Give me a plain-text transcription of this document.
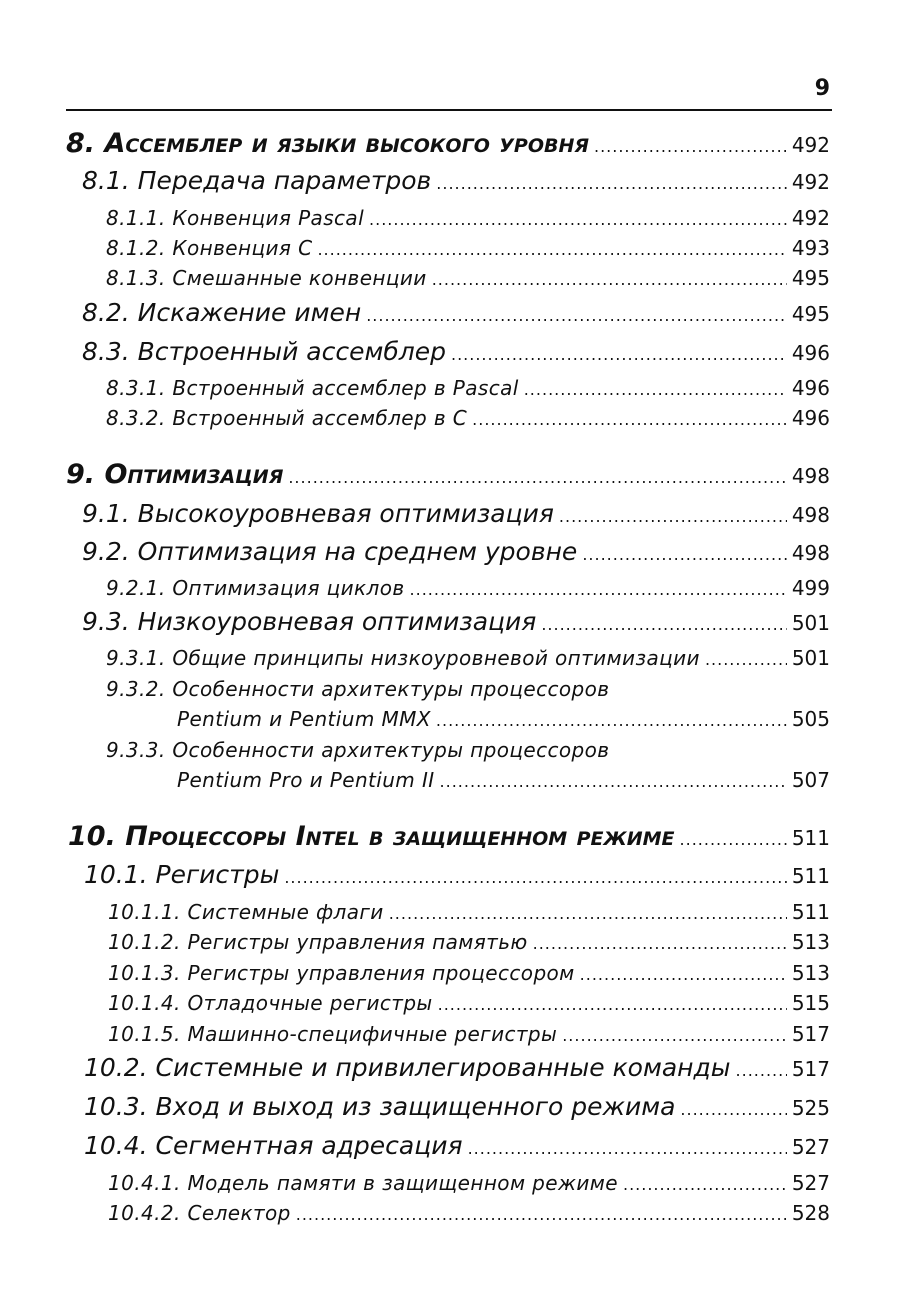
9
8. Ассемблер и языки высокого уровня .....	492
8.1. Передача параметров .....	492
8.1.1. Конвенция Pascal .....	492
8.1.2. Конвенция C .....	493
8.1.3. Смешанные конвенции .....	495
8.2. Искажение имен .....	495
8.3. Встроенный ассемблер .....	496
8.3.1. Встроенный ассемблер в Pascal .....	496
8.3.2. Встроенный ассемблер в C .....	496
9. Оптимизация .....	498
9.1. Высокоуровневая оптимизация .....	498
9.2. Оптимизация на среднем уровне .....	498
9.2.1. Оптимизация циклов .....	499
9.3. Низкоуровневая оптимизация .....	501
9.3.1. Общие принципы низкоуровневой оптимизации .....	501
9.3.2. Особенности архитектуры процессоров
Pentium и Pentium MMX .....	505
9.3.3. Особенности архитектуры процессоров
Pentium Pro и Pentium II .....	507
10. Процессоры Intel в защищенном режиме .....	511
10.1. Регистры .....	511
10.1.1. Системные флаги .....	511
10.1.2. Регистры управления памятью .....	513
10.1.3. Регистры управления процессором .....	513
10.1.4. Отладочные регистры .....	515
10.1.5. Машинно-специфичные регистры .....	517
10.2. Системные и привилегированные команды .....	517
10.3. Вход и выход из защищенного режима .....	525
10.4. Сегментная адресация .....	527
10.4.1. Модель памяти в защищенном режиме .....	527
10.4.2. Селектор .....	528
